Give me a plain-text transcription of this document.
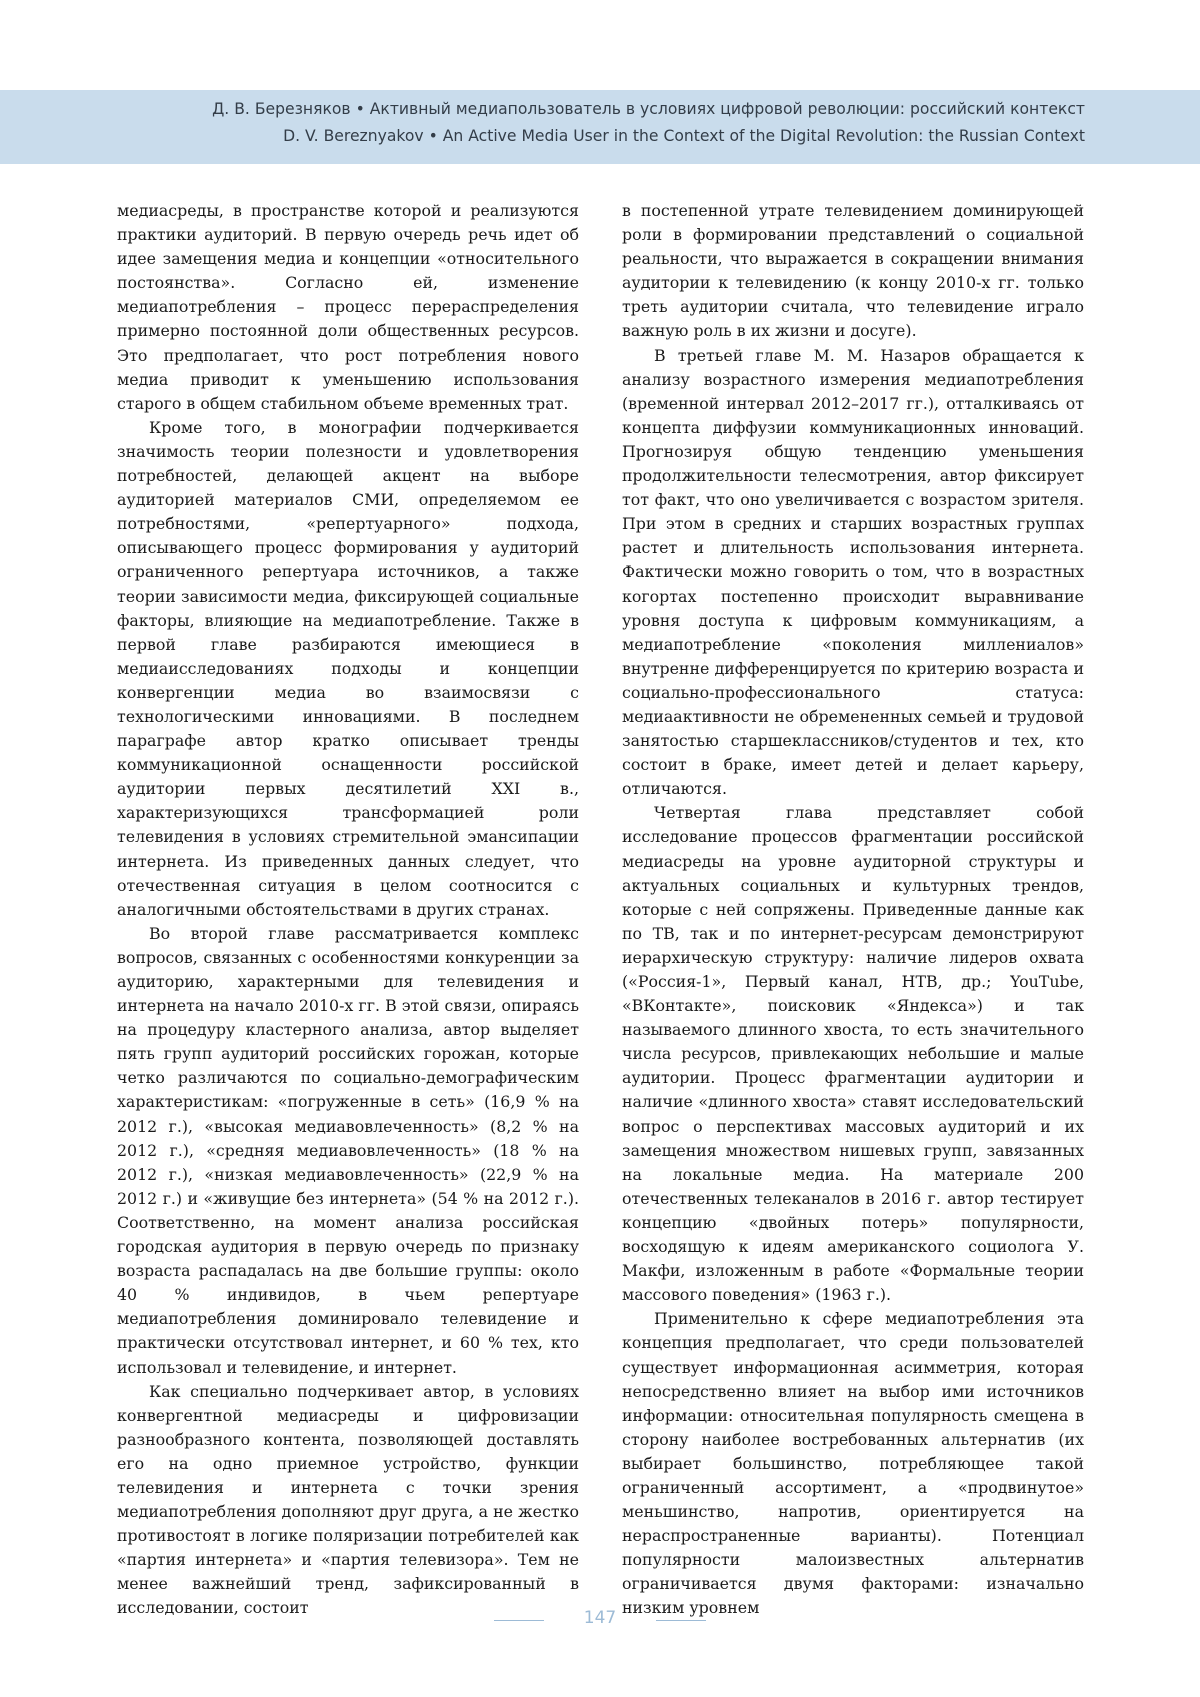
Д. В. Березняков • Активный медиапользователь в условиях цифровой революции: российский контекст
D. V. Bereznyakov • An Active Media User in the Context of the Digital Revolution: the Russian Context

медиасреды, в пространстве которой и реализуются практики аудиторий. В первую очередь речь идет об идее замещения медиа и концепции «относительного постоянства». Согласно ей, изменение медиапотребления – процесс перераспределения примерно постоянной доли общественных ресурсов. Это предполагает, что рост потребления нового медиа приводит к уменьшению использования старого в общем стабильном объеме временных трат.

Кроме того, в монографии подчеркивается значимость теории полезности и удовлетворения потребностей, делающей акцент на выборе аудиторией материалов СМИ, определяемом ее потребностями, «репертуарного» подхода, описывающего процесс формирования у аудиторий ограниченного репертуара источников, а также теории зависимости медиа, фиксирующей социальные факторы, влияющие на медиапотребление. Также в первой главе разбираются имеющиеся в медиаисследованиях подходы и концепции конвергенции медиа во взаимосвязи с технологическими инновациями. В последнем параграфе автор кратко описывает тренды коммуникационной оснащенности российской аудитории первых десятилетий XXI в., характеризующихся трансформацией роли телевидения в условиях стремительной эмансипации интернета. Из приведенных данных следует, что отечественная ситуация в целом соотносится с аналогичными обстоятельствами в других странах.

Во второй главе рассматривается комплекс вопросов, связанных с особенностями конкуренции за аудиторию, характерными для телевидения и интернета на начало 2010-х гг. В этой связи, опираясь на процедуру кластерного анализа, автор выделяет пять групп аудиторий российских горожан, которые четко различаются по социально-демографическим характеристикам: «погруженные в сеть» (16,9 % на 2012 г.), «высокая медиавовлеченность» (8,2 % на 2012 г.), «средняя медиавовлеченность» (18 % на 2012 г.), «низкая медиавовлеченность» (22,9 % на 2012 г.) и «живущие без интернета» (54 % на 2012 г.). Соответственно, на момент анализа российская городская аудитория в первую очередь по признаку возраста распадалась на две большие группы: около 40 % индивидов, в чьем репертуаре медиапотребления доминировало телевидение и практически отсутствовал интернет, и 60 % тех, кто использовал и телевидение, и интернет.

Как специально подчеркивает автор, в условиях конвергентной медиасреды и цифровизации разнообразного контента, позволяющей доставлять его на одно приемное устройство, функции телевидения и интернета с точки зрения медиапотребления дополняют друг друга, а не жестко противостоят в логике поляризации потребителей как «партия интернета» и «партия телевизора». Тем не менее важнейший тренд, зафиксированный в исследовании, состоит

в постепенной утрате телевидением доминирующей роли в формировании представлений о социальной реальности, что выражается в сокращении внимания аудитории к телевидению (к концу 2010-х гг. только треть аудитории считала, что телевидение играло важную роль в их жизни и досуге).

В третьей главе М. М. Назаров обращается к анализу возрастного измерения медиапотребления (временной интервал 2012–2017 гг.), отталкиваясь от концепта диффузии коммуникационных инноваций. Прогнозируя общую тенденцию уменьшения продолжительности телесмотрения, автор фиксирует тот факт, что оно увеличивается с возрастом зрителя. При этом в средних и старших возрастных группах растет и длительность использования интернета. Фактически можно говорить о том, что в возрастных когортах постепенно происходит выравнивание уровня доступа к цифровым коммуникациям, а медиапотребление «поколения миллениалов» внутренне дифференцируется по критерию возраста и социально-профессионального статуса: медиаактивности не обремененных семьей и трудовой занятостью старшеклассников/студентов и тех, кто состоит в браке, имеет детей и делает карьеру, отличаются.

Четвертая глава представляет собой исследование процессов фрагментации российской медиасреды на уровне аудиторной структуры и актуальных социальных и культурных трендов, которые с ней сопряжены. Приведенные данные как по ТВ, так и по интернет-ресурсам демонстрируют иерархическую структуру: наличие лидеров охвата («Россия-1», Первый канал, НТВ, др.; YouTube, «ВКонтакте», поисковик «Яндекса») и так называемого длинного хвоста, то есть значительного числа ресурсов, привлекающих небольшие и малые аудитории. Процесс фрагментации аудитории и наличие «длинного хвоста» ставят исследовательский вопрос о перспективах массовых аудиторий и их замещения множеством нишевых групп, завязанных на локальные медиа. На материале 200 отечественных телеканалов в 2016 г. автор тестирует концепцию «двойных потерь» популярности, восходящую к идеям американского социолога У. Макфи, изложенным в работе «Формальные теории массового поведения» (1963 г.).

Применительно к сфере медиапотребления эта концепция предполагает, что среди пользователей существует информационная асимметрия, которая непосредственно влияет на выбор ими источников информации: относительная популярность смещена в сторону наиболее востребованных альтернатив (их выбирает большинство, потребляющее такой ограниченный ассортимент, а «продвинутое» меньшинство, напротив, ориентируется на нераспространенные варианты). Потенциал популярности малоизвестных альтернатив ограничивается двумя факторами: изначально низким уровнем

147
